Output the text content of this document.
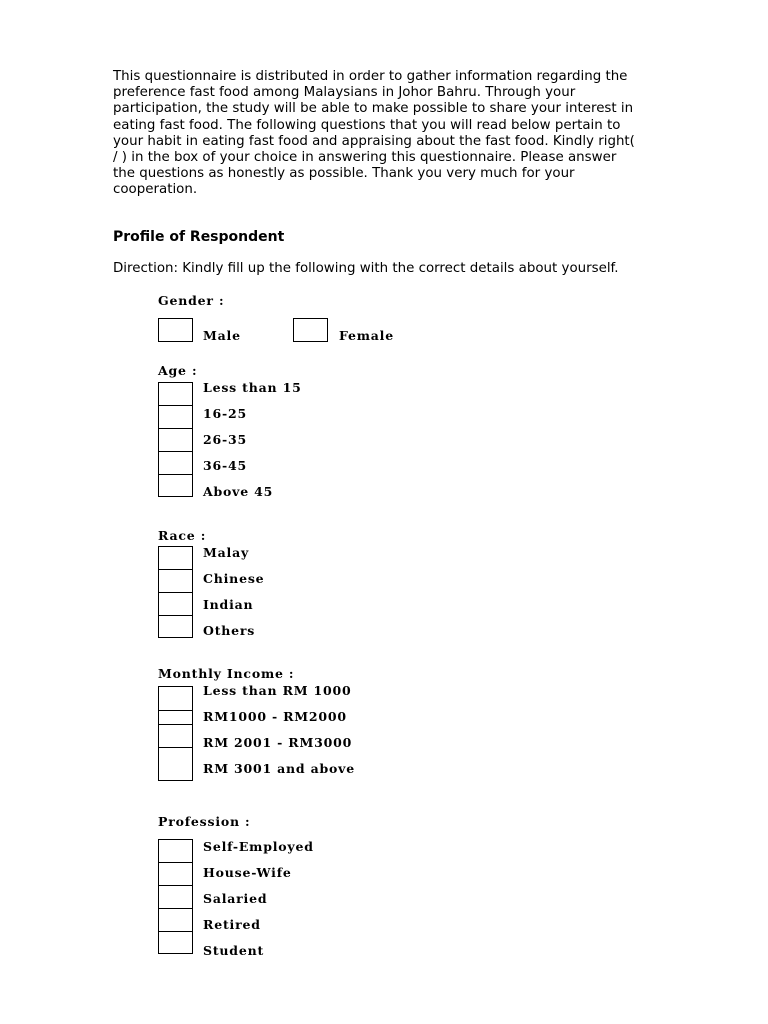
This questionnaire is distributed in order to gather information regarding the
preference fast food among Malaysians in Johor Bahru. Through your
participation, the study will be able to make possible to share your interest in
eating fast food. The following questions that you will read below pertain to
your habit in eating fast food and appraising about the fast food. Kindly right(
/ ) in the box of your choice in answering this questionnaire. Please answer
the questions as honestly as possible. Thank you very much for your
cooperation.

Profile of Respondent

Direction: Kindly fill up the following with the correct details about yourself.

Gender :

Male	Female

Age :

Less than 15
16-25
26-35
36-45
Above 45

Race :

Malay
Chinese
Indian
Others

Monthly Income :

Less than RM 1000
RM1000 - RM2000
RM 2001 - RM3000
RM 3001 and above

Profession :

Self-Employed
House-Wife
Salaried
Retired
Student
